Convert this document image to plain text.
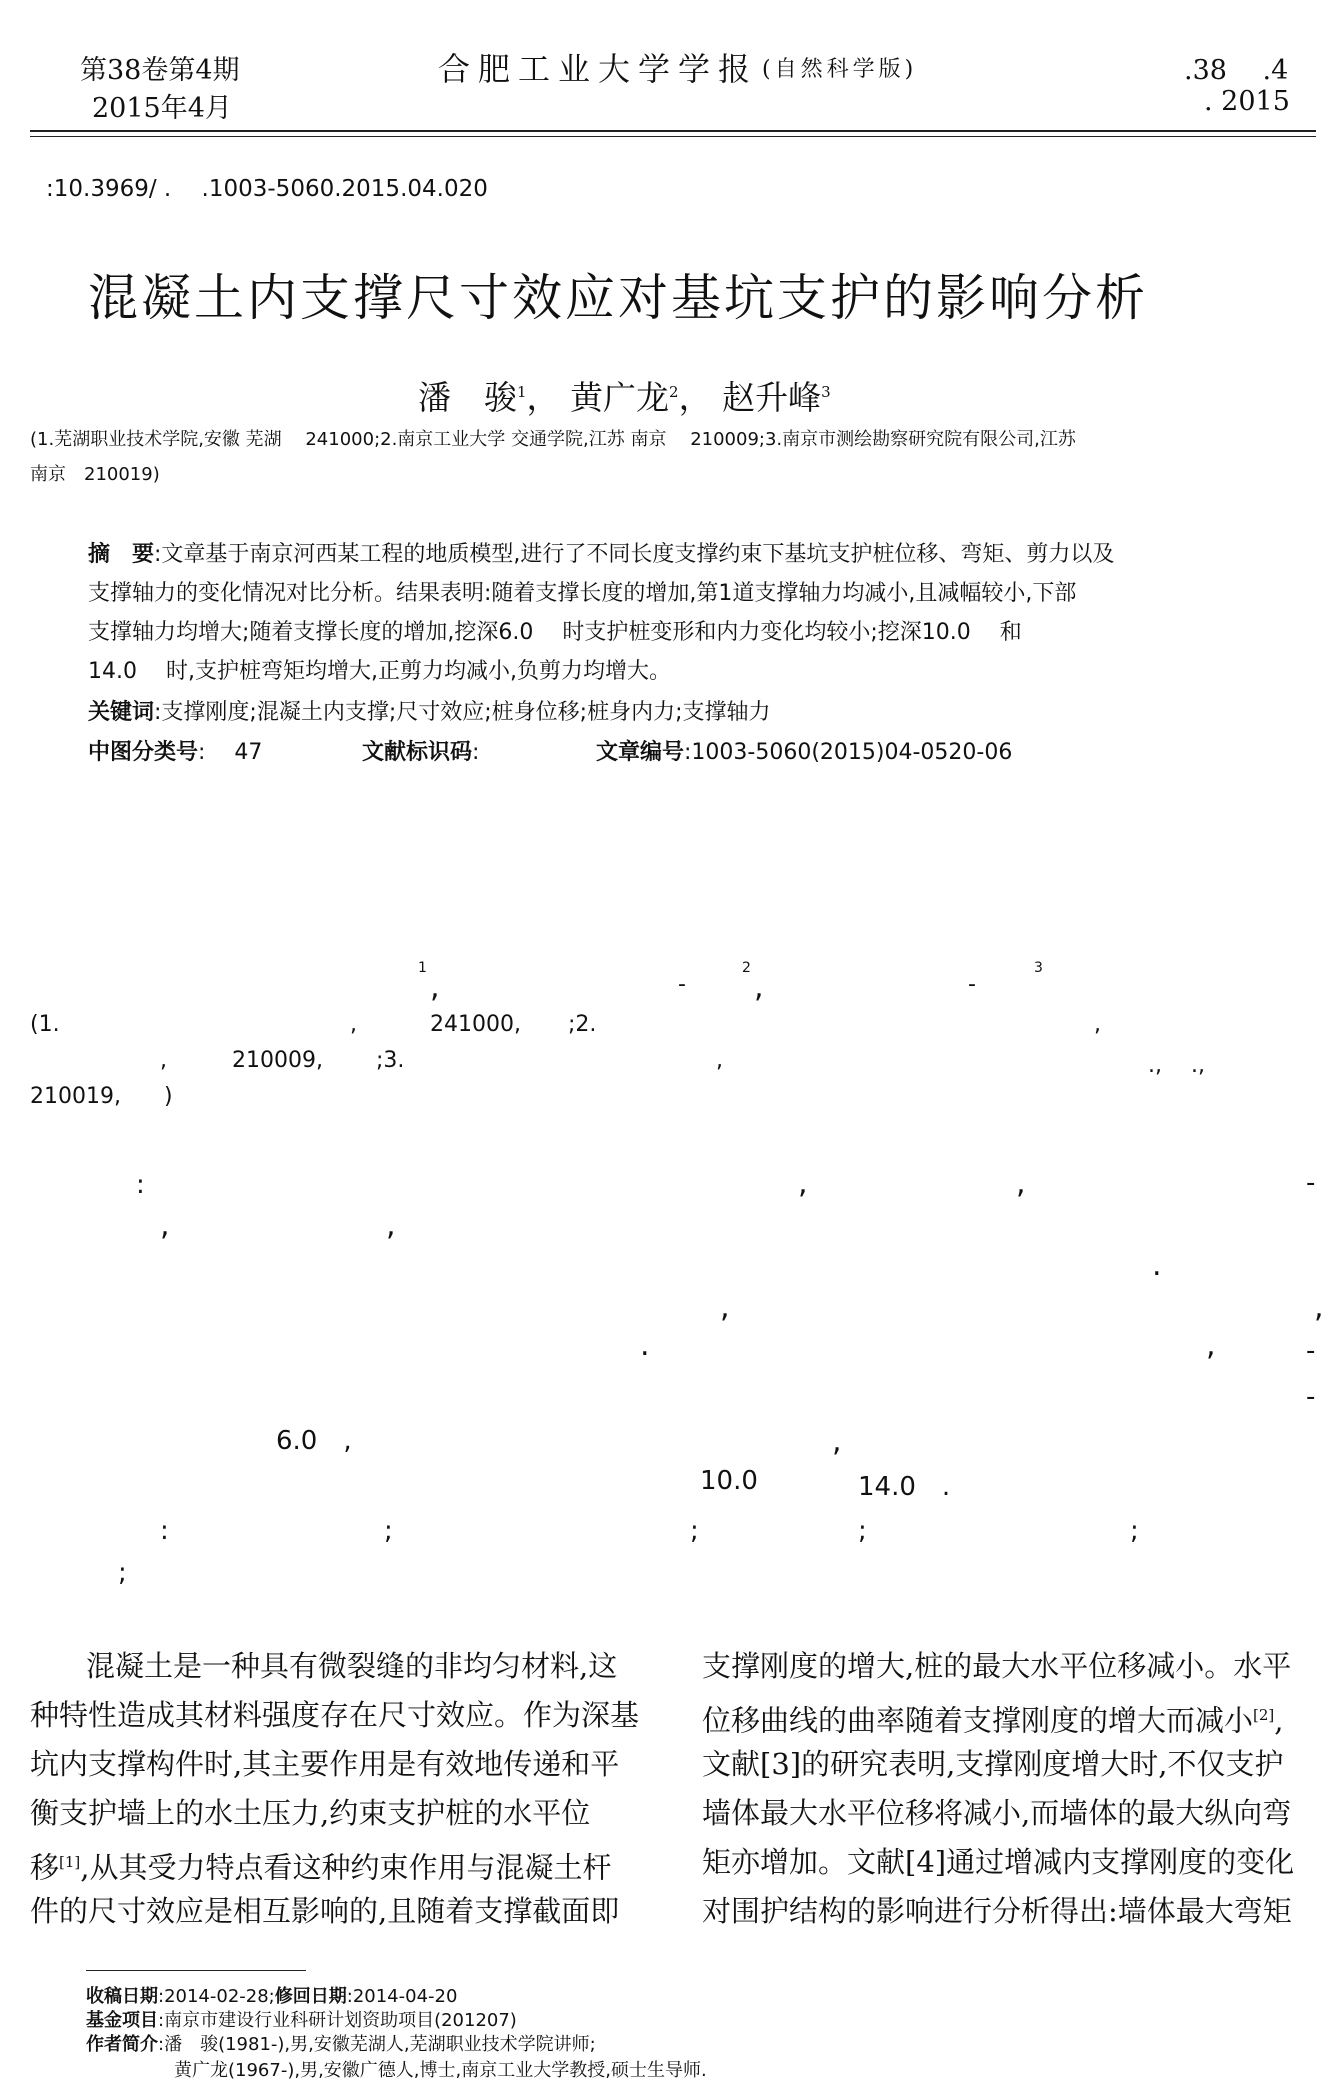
第38卷第4期
2015年4月
合肥工业大学学报 (自然科学版)	.38　 .4
. 2015
:10.3969/ .　 .1003-5060.2015.04.020
混凝土内支撑尺寸效应对基坑支护的影响分析
潘　骏$^1$， 黄广龙$^2$， 赵升峰$^3$
(1.芜湖职业技术学院,安徽 芜湖　 241000;2.南京工业大学 交通学院,江苏 南京　 210009;3.南京市测绘勘察研究院有限公司,江苏
南京　210019)
摘　要:文章基于南京河西某工程的地质模型,进行了不同长度支撑约束下基坑支护桩位移、弯矩、剪力以及
支撑轴力的变化情况对比分析。结果表明:随着支撑长度的增加,第1道支撑轴力均减小,且减幅较小,下部
支撑轴力均增大;随着支撑长度的增加,挖深6.0　 时支护桩变形和内力变化均较小;挖深10.0　 和
14.0　 时,支护桩弯矩均增大,正剪力均减小,负剪力均增大。
关键词:支撑刚度;混凝土内支撑;尺寸效应;桩身位移;桩身内力;支撑轴力
中图分类号:　 47	文献标识码:	文章编号:1003-5060(2015)04-0520-06
1
,	-
2
,	-
3
(1.	,	241000, ;2.	,
,	210009, ;3.	,	.,　 .,
210019, )
:	,	,	-
,	,
.
,	,
.	,	-
-
6.0　,	,
10.0	14.0　.
:	;	;	;	;
;
混凝土是一种具有微裂缝的非均匀材料,这
种特性造成其材料强度存在尺寸效应。作为深基
坑内支撑构件时,其主要作用是有效地传递和平
衡支护墙上的水土压力,约束支护桩的水平位
移[1],从其受力特点看这种约束作用与混凝土杆
件的尺寸效应是相互影响的,且随着支撑截面即
支撑刚度的增大,桩的最大水平位移减小。水平
位移曲线的曲率随着支撑刚度的增大而减小[2],
文献[3]的研究表明,支撑刚度增大时,不仅支护
墙体最大水平位移将减小,而墙体的最大纵向弯
矩亦增加。文献[4]通过增减内支撑刚度的变化
对围护结构的影响进行分析得出:墙体最大弯矩
收稿日期:2014-02-28;修回日期:2014-04-20
基金项目:南京市建设行业科研计划资助项目(201207)
作者简介:潘　骏(1981-),男,安徽芜湖人,芜湖职业技术学院讲师;
黄广龙(1967-),男,安徽广德人,博士,南京工业大学教授,硕士生导师.
